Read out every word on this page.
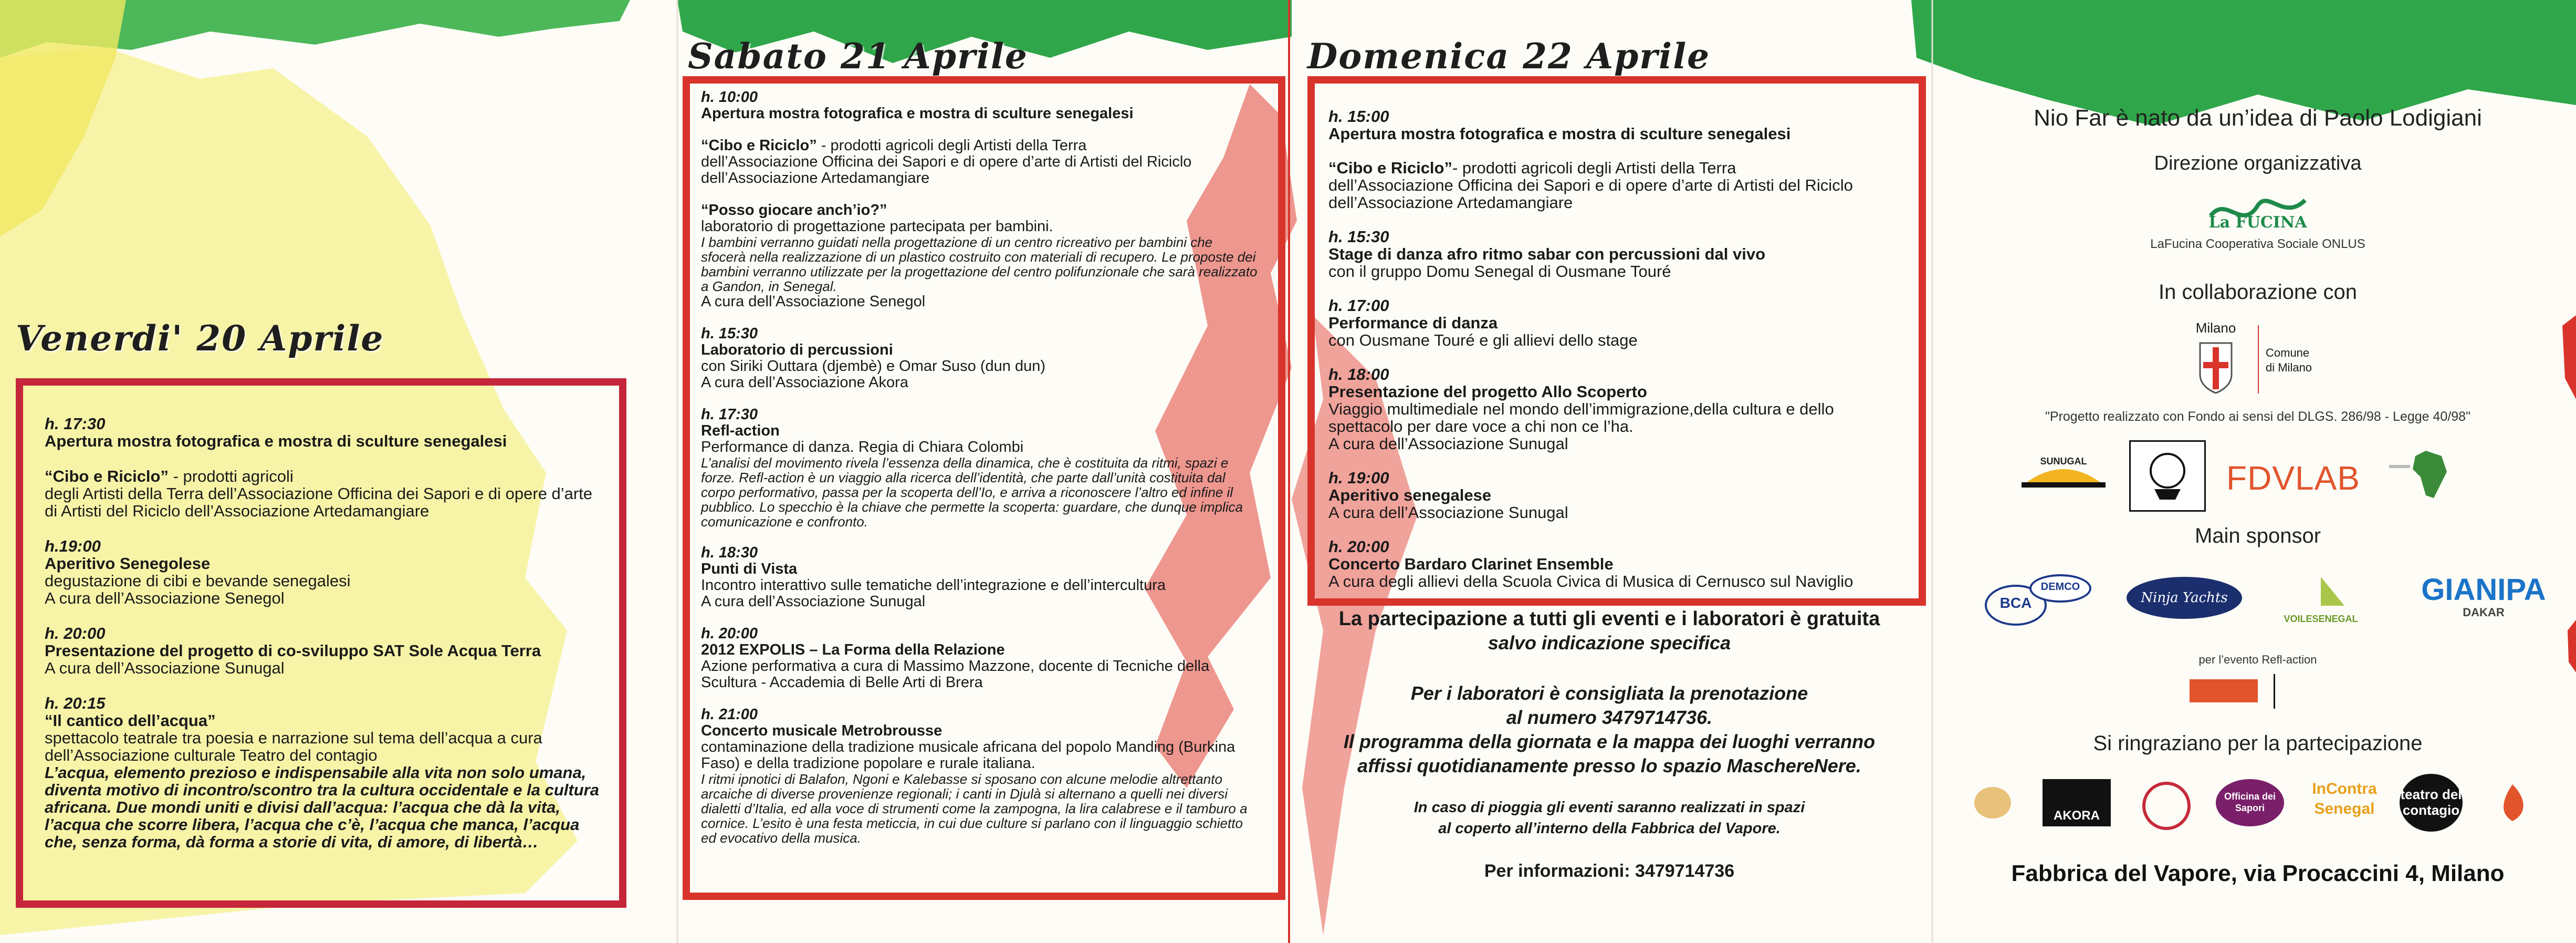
Venerdi' 20 Aprile
h. 17:30
Apertura mostra fotografica e mostra di sculture senegalesi
“Cibo e Riciclo” - prodotti agricoli
degli Artisti della Terra dell’Associazione Officina dei Sapori e di opere d’arte di Artisti del Riciclo dell’Associazione Artedamangiare
h.19:00
Aperitivo Senegolese
degustazione di cibi e bevande senegalesi
A cura dell’Associazione Senegol
h. 20:00
Presentazione del progetto di co-sviluppo SAT Sole Acqua Terra
A cura dell’Associazione Sunugal
h. 20:15
“Il cantico dell’acqua”
spettacolo teatrale tra poesia e narrazione sul tema dell’acqua a cura dell’Associazione culturale Teatro del contagio
L’acqua, elemento prezioso e indispensabile alla vita non solo umana, diventa motivo di incontro/scontro tra la cultura occidentale e la cultura africana. Due mondi uniti e divisi dall’acqua: l’acqua che dà la vita, l’acqua che scorre libera, l’acqua che c’è, l’acqua che manca, l’acqua che, senza forma, dà forma a storie di vita, di amore, di libertà…
Sabato 21 Aprile
h. 10:00
Apertura mostra fotografica e mostra di sculture senegalesi
“Cibo e Riciclo” - prodotti agricoli degli Artisti della Terra
dell’Associazione Officina dei Sapori e di opere d’arte di Artisti del Riciclo dell’Associazione Artedamangiare
“Posso giocare anch’io?”
laboratorio di progettazione partecipata per bambini.
I bambini verranno guidati nella progettazione di un centro ricreativo per bambini che sfocerà nella realizzazione di un plastico costruito con materiali di recupero. Le proposte dei bambini verranno utilizzate per la progettazione del centro polifunzionale che sarà realizzato a Gandon, in Senegal.
A cura dell’Associazione Senegol
h. 15:30
Laboratorio di percussioni
con Siriki Outtara (djembè) e Omar Suso (dun dun)
A cura dell’Associazione Akora
h. 17:30
Refl-action
Performance di danza. Regia di Chiara Colombi
L’analisi del movimento rivela l’essenza della dinamica, che è costituita da ritmi, spazi e forze. Refl-action è un viaggio alla ricerca dell’identità, che parte dall’unità costituita dal corpo performativo, passa per la scoperta dell’Io, e arriva a riconoscere l’altro ed infine il pubblico. Lo specchio è la chiave che permette la scoperta: guardare, che dunque implica comunicazione e confronto.
h. 18:30
Punti di Vista
Incontro interattivo sulle tematiche dell’integrazione e dell’intercultura
A cura dell’Associazione Sunugal
h. 20:00
2012 EXPOLIS – La Forma della Relazione
Azione performativa a cura di Massimo Mazzone, docente di Tecniche della Scultura - Accademia di Belle Arti di Brera
h. 21:00
Concerto musicale Metrobrousse
contaminazione della tradizione musicale africana del popolo Manding (Burkina Faso) e della tradizione popolare e rurale italiana.
I ritmi ipnotici di Balafon, Ngoni e Kalebasse si sposano con alcune melodie altrettanto arcaiche di diverse provenienze regionali; i canti in Djulà si alternano a quelli nei diversi dialetti d’Italia, ed alla voce di strumenti come la zampogna, la lira calabrese e il tamburo a cornice. L’esito è una festa meticcia, in cui due culture si parlano con il linguaggio schietto ed evocativo della musica.
Domenica 22 Aprile
h. 15:00
Apertura mostra fotografica e mostra di sculture senegalesi
“Cibo e Riciclo”- prodotti agricoli degli Artisti della Terra
dell’Associazione Officina dei Sapori e di opere d’arte di Artisti del Riciclo dell’Associazione Artedamangiare
h. 15:30
Stage di danza afro ritmo sabar con percussioni dal vivo
con il gruppo Domu Senegal di Ousmane Touré
h. 17:00
Performance di danza
con Ousmane Touré e gli allievi dello stage
h. 18:00
Presentazione del progetto Allo Scoperto
Viaggio multimediale nel mondo dell’immigrazione,della cultura e dello spettacolo per dare voce a chi non ce l’ha.
A cura dell’Associazione Sunugal
h. 19:00
Aperitivo senegalese
A cura dell’Associazione Sunugal
h. 20:00
Concerto Bardaro Clarinet Ensemble
A cura degli allievi della Scuola Civica di Musica di Cernusco sul Naviglio
La partecipazione a tutti gli eventi e i laboratori è gratuita
salvo indicazione specifica
Per i laboratori è consigliata la prenotazione
al numero 3479714736.
Il programma della giornata e la mappa dei luoghi verranno
affissi quotidianamente presso lo spazio MaschereNere.
In caso di pioggia gli eventi saranno realizzati in spazi
al coperto all’interno della Fabbrica del Vapore.
Per informazioni: 3479714736
Nio Far è nato da un’idea di Paolo Lodigiani
Direzione organizzativa
La FUCINA
LaFucina Cooperativa Sociale ONLUS
In collaborazione con
Milano
Comune
di Milano
"Progetto realizzato con Fondo ai sensi del DLGS. 286/98 - Legge 40/98"
SUNUGAL	FDVLAB
Main sponsor
BCA
DEMCO
Ninja Yachts
VOILESENEGAL
GIANIPA
DAKAR
per l’evento Refl-action
Si ringraziano per la partecipazione
AKORA
Officina dei Sapori
InContra Senegal
teatro del contagio
Fabbrica del Vapore, via Procaccini 4, Milano
